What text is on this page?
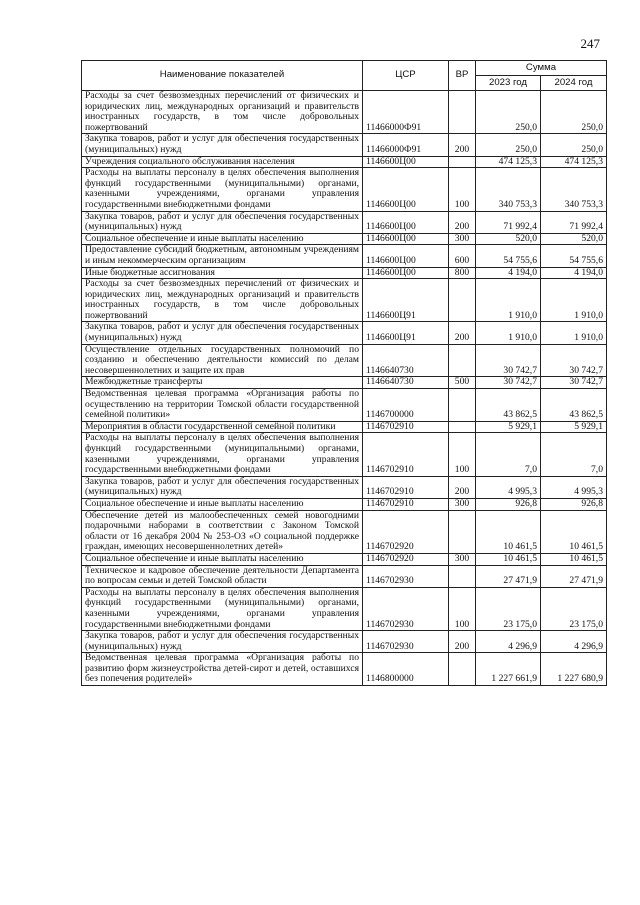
247
Наименование показателей	ЦСР	ВР	Сумма	
			2023 год	2024 год
Расходы за счет безвозмездных перечислений от физических и юридических лиц, международных организаций и правительств иностранных государств, в том числе добровольных пожертвований	11466000Ф91		250,0	250,0
Закупка товаров, работ и услуг для обеспечения государственных (муниципальных) нужд	11466000Ф91	200	250,0	250,0
Учреждения социального обслуживания населения	1146600Ц00		474 125,3	474 125,3
Расходы на выплаты персоналу в целях обеспечения выполнения функций государственными (муниципальными) органами, казенными учреждениями, органами управления государственными внебюджетными фондами	1146600Ц00	100	340 753,3	340 753,3
Закупка товаров, работ и услуг для обеспечения государственных (муниципальных) нужд	1146600Ц00	200	71 992,4	71 992,4
Социальное обеспечение и иные выплаты населению	1146600Ц00	300	520,0	520,0
Предоставление субсидий бюджетным, автономным учреждениям и иным некоммерческим организациям	1146600Ц00	600	54 755,6	54 755,6
Иные бюджетные ассигнования	1146600Ц00	800	4 194,0	4 194,0
Расходы за счет безвозмездных перечислений от физических и юридических лиц, международных организаций и правительств иностранных государств, в том числе добровольных пожертвований	1146600Ц91		1 910,0	1 910,0
Закупка товаров, работ и услуг для обеспечения государственных (муниципальных) нужд	1146600Ц91	200	1 910,0	1 910,0
Осуществление отдельных государственных полномочий по созданию и обеспечению деятельности комиссий по делам несовершеннолетних и защите их прав	1146640730		30 742,7	30 742,7
Межбюджетные трансферты	1146640730	500	30 742,7	30 742,7
Ведомственная целевая программа «Организация работы по осуществлению на территории Томской области государственной семейной политики»	1146700000		43 862,5	43 862,5
Мероприятия в области государственной семейной политики	1146702910		5 929,1	5 929,1
Расходы на выплаты персоналу в целях обеспечения выполнения функций государственными (муниципальными) органами, казенными учреждениями, органами управления государственными внебюджетными фондами	1146702910	100	7,0	7,0
Закупка товаров, работ и услуг для обеспечения государственных (муниципальных) нужд	1146702910	200	4 995,3	4 995,3
Социальное обеспечение и иные выплаты населению	1146702910	300	926,8	926,8
Обеспечение детей из малообеспеченных семей новогодними подарочными наборами в соответствии с Законом Томской области от 16 декабря 2004 № 253-ОЗ «О социальной поддержке граждан, имеющих несовершеннолетних детей»	1146702920		10 461,5	10 461,5
Социальное обеспечение и иные выплаты населению	1146702920	300	10 461,5	10 461,5
Техническое и кадровое обеспечение деятельности Департамента по вопросам семьи и детей Томской области	1146702930		27 471,9	27 471,9
Расходы на выплаты персоналу в целях обеспечения выполнения функций государственными (муниципальными) органами, казенными учреждениями, органами управления государственными внебюджетными фондами	1146702930	100	23 175,0	23 175,0
Закупка товаров, работ и услуг для обеспечения государственных (муниципальных) нужд	1146702930	200	4 296,9	4 296,9
Ведомственная целевая программа «Организация работы по развитию форм жизнеустройства детей-сирот и детей, оставшихся без попечения родителей»	1146800000		1 227 661,9	1 227 680,9
